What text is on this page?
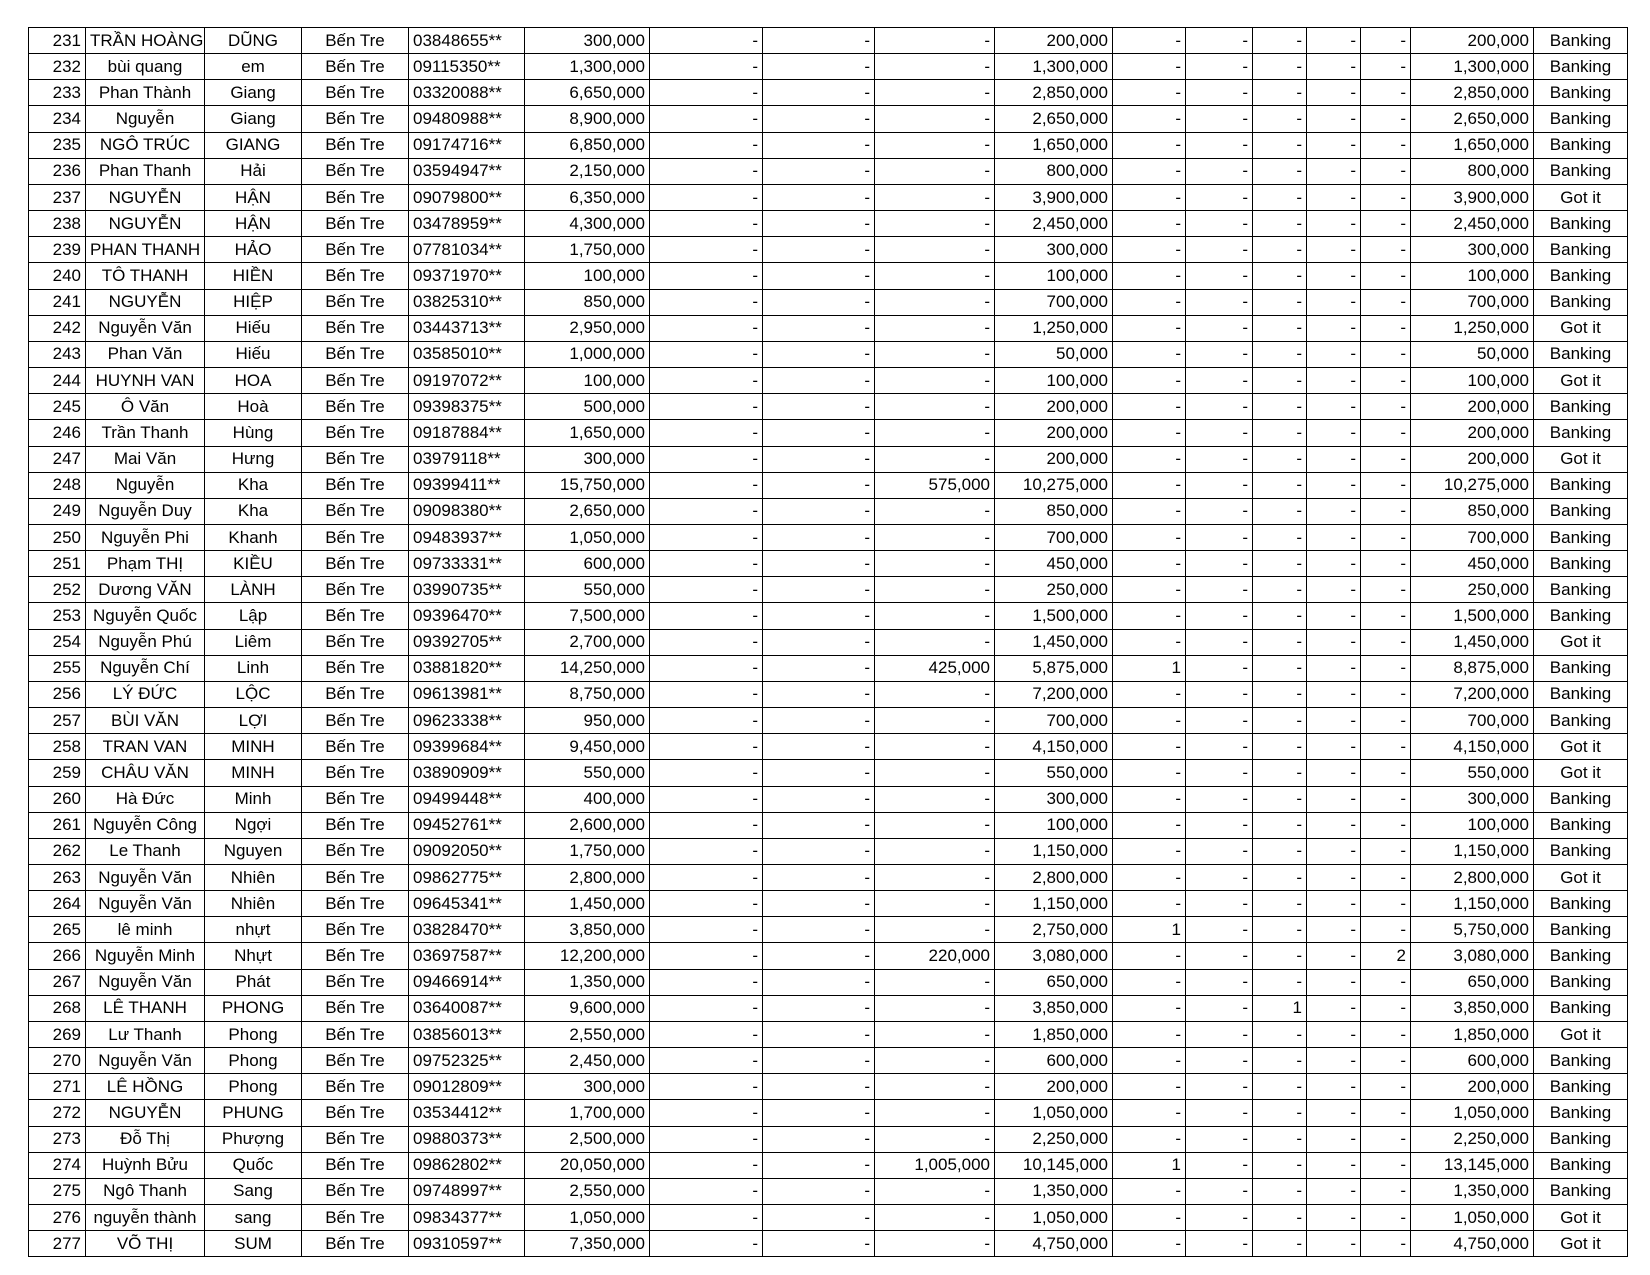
231	TRẦN HOÀNG	DŨNG	Bến Tre	03848655**	300,000	-	-	-	200,000	-	-	-	-	-	200,000	Banking
232	bùi quang	em	Bến Tre	09115350**	1,300,000	-	-	-	1,300,000	-	-	-	-	-	1,300,000	Banking
233	Phan Thành	Giang	Bến Tre	03320088**	6,650,000	-	-	-	2,850,000	-	-	-	-	-	2,850,000	Banking
234	Nguyễn	Giang	Bến Tre	09480988**	8,900,000	-	-	-	2,650,000	-	-	-	-	-	2,650,000	Banking
235	NGÔ TRÚC	GIANG	Bến Tre	09174716**	6,850,000	-	-	-	1,650,000	-	-	-	-	-	1,650,000	Banking
236	Phan Thanh	Hải	Bến Tre	03594947**	2,150,000	-	-	-	800,000	-	-	-	-	-	800,000	Banking
237	NGUYỄN	HẬN	Bến Tre	09079800**	6,350,000	-	-	-	3,900,000	-	-	-	-	-	3,900,000	Got it
238	NGUYỄN	HẬN	Bến Tre	03478959**	4,300,000	-	-	-	2,450,000	-	-	-	-	-	2,450,000	Banking
239	PHAN THANH	HẢO	Bến Tre	07781034**	1,750,000	-	-	-	300,000	-	-	-	-	-	300,000	Banking
240	TÔ THANH	HIỀN	Bến Tre	09371970**	100,000	-	-	-	100,000	-	-	-	-	-	100,000	Banking
241	NGUYỄN	HIỆP	Bến Tre	03825310**	850,000	-	-	-	700,000	-	-	-	-	-	700,000	Banking
242	Nguyễn Văn	Hiếu	Bến Tre	03443713**	2,950,000	-	-	-	1,250,000	-	-	-	-	-	1,250,000	Got it
243	Phan Văn	Hiếu	Bến Tre	03585010**	1,000,000	-	-	-	50,000	-	-	-	-	-	50,000	Banking
244	HUYNH VAN	HOA	Bến Tre	09197072**	100,000	-	-	-	100,000	-	-	-	-	-	100,000	Got it
245	Ô Văn	Hoà	Bến Tre	09398375**	500,000	-	-	-	200,000	-	-	-	-	-	200,000	Banking
246	Trần Thanh	Hùng	Bến Tre	09187884**	1,650,000	-	-	-	200,000	-	-	-	-	-	200,000	Banking
247	Mai Văn	Hưng	Bến Tre	03979118**	300,000	-	-	-	200,000	-	-	-	-	-	200,000	Got it
248	Nguyễn	Kha	Bến Tre	09399411**	15,750,000	-	-	575,000	10,275,000	-	-	-	-	-	10,275,000	Banking
249	Nguyễn Duy	Kha	Bến Tre	09098380**	2,650,000	-	-	-	850,000	-	-	-	-	-	850,000	Banking
250	Nguyễn Phi	Khanh	Bến Tre	09483937**	1,050,000	-	-	-	700,000	-	-	-	-	-	700,000	Banking
251	Phạm THỊ	KIỀU	Bến Tre	09733331**	600,000	-	-	-	450,000	-	-	-	-	-	450,000	Banking
252	Dương VĂN	LÀNH	Bến Tre	03990735**	550,000	-	-	-	250,000	-	-	-	-	-	250,000	Banking
253	Nguyễn Quốc	Lập	Bến Tre	09396470**	7,500,000	-	-	-	1,500,000	-	-	-	-	-	1,500,000	Banking
254	Nguyễn Phú	Liêm	Bến Tre	09392705**	2,700,000	-	-	-	1,450,000	-	-	-	-	-	1,450,000	Got it
255	Nguyễn Chí	Linh	Bến Tre	03881820**	14,250,000	-	-	425,000	5,875,000	1	-	-	-	-	8,875,000	Banking
256	LÝ ĐỨC	LỘC	Bến Tre	09613981**	8,750,000	-	-	-	7,200,000	-	-	-	-	-	7,200,000	Banking
257	BÙI VĂN	LỢI	Bến Tre	09623338**	950,000	-	-	-	700,000	-	-	-	-	-	700,000	Banking
258	TRAN VAN	MINH	Bến Tre	09399684**	9,450,000	-	-	-	4,150,000	-	-	-	-	-	4,150,000	Got it
259	CHÂU VĂN	MINH	Bến Tre	03890909**	550,000	-	-	-	550,000	-	-	-	-	-	550,000	Got it
260	Hà Đức	Minh	Bến Tre	09499448**	400,000	-	-	-	300,000	-	-	-	-	-	300,000	Banking
261	Nguyễn Công	Ngợi	Bến Tre	09452761**	2,600,000	-	-	-	100,000	-	-	-	-	-	100,000	Banking
262	Le Thanh	Nguyen	Bến Tre	09092050**	1,750,000	-	-	-	1,150,000	-	-	-	-	-	1,150,000	Banking
263	Nguyễn Văn	Nhiên	Bến Tre	09862775**	2,800,000	-	-	-	2,800,000	-	-	-	-	-	2,800,000	Got it
264	Nguyễn Văn	Nhiên	Bến Tre	09645341**	1,450,000	-	-	-	1,150,000	-	-	-	-	-	1,150,000	Banking
265	lê minh	nhựt	Bến Tre	03828470**	3,850,000	-	-	-	2,750,000	1	-	-	-	-	5,750,000	Banking
266	Nguyễn Minh	Nhựt	Bến Tre	03697587**	12,200,000	-	-	220,000	3,080,000	-	-	-	-	2	3,080,000	Banking
267	Nguyễn Văn	Phát	Bến Tre	09466914**	1,350,000	-	-	-	650,000	-	-	-	-	-	650,000	Banking
268	LÊ THANH	PHONG	Bến Tre	03640087**	9,600,000	-	-	-	3,850,000	-	-	1	-	-	3,850,000	Banking
269	Lư Thanh	Phong	Bến Tre	03856013**	2,550,000	-	-	-	1,850,000	-	-	-	-	-	1,850,000	Got it
270	Nguyễn Văn	Phong	Bến Tre	09752325**	2,450,000	-	-	-	600,000	-	-	-	-	-	600,000	Banking
271	LÊ HỒNG	Phong	Bến Tre	09012809**	300,000	-	-	-	200,000	-	-	-	-	-	200,000	Banking
272	NGUYỄN	PHUNG	Bến Tre	03534412**	1,700,000	-	-	-	1,050,000	-	-	-	-	-	1,050,000	Banking
273	Đỗ Thị	Phượng	Bến Tre	09880373**	2,500,000	-	-	-	2,250,000	-	-	-	-	-	2,250,000	Banking
274	Huỳnh Bửu	Quốc	Bến Tre	09862802**	20,050,000	-	-	1,005,000	10,145,000	1	-	-	-	-	13,145,000	Banking
275	Ngô Thanh	Sang	Bến Tre	09748997**	2,550,000	-	-	-	1,350,000	-	-	-	-	-	1,350,000	Banking
276	nguyễn thành	sang	Bến Tre	09834377**	1,050,000	-	-	-	1,050,000	-	-	-	-	-	1,050,000	Got it
277	VÕ THỊ	SUM	Bến Tre	09310597**	7,350,000	-	-	-	4,750,000	-	-	-	-	-	4,750,000	Got it
